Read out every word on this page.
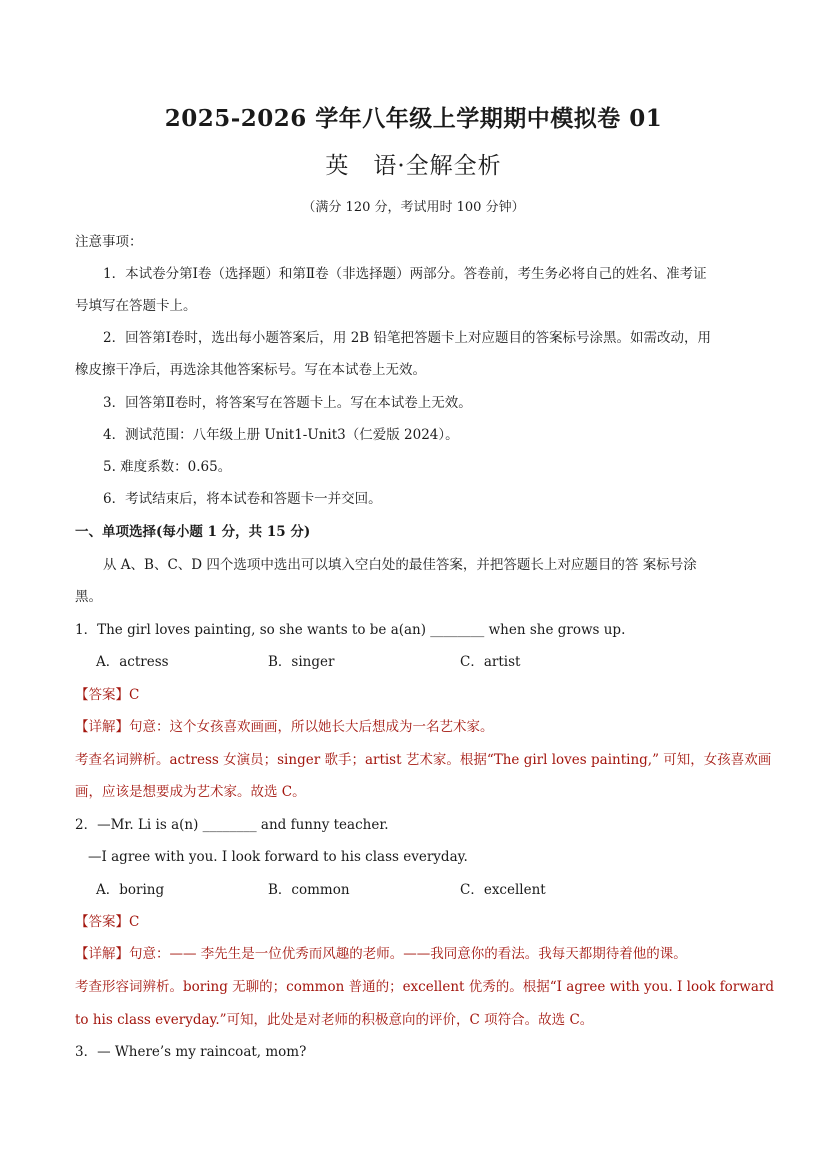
2025-2026 学年八年级上学期期中模拟卷 01
英　语·全解全析
（满分 120 分，考试用时 100 分钟）
注意事项：
1．本试卷分第Ⅰ卷（选择题）和第Ⅱ卷（非选择题）两部分。答卷前，考生务必将自己的姓名、准考证
号填写在答题卡上。
2．回答第Ⅰ卷时，选出每小题答案后，用 2B 铅笔把答题卡上对应题目的答案标号涂黑。如需改动，用
橡皮擦干净后，再选涂其他答案标号。写在本试卷上无效。
3．回答第Ⅱ卷时，将答案写在答题卡上。写在本试卷上无效。
4．测试范围：八年级上册 Unit1-Unit3（仁爱版 2024）。
5. 难度系数：0.65。
6．考试结束后，将本试卷和答题卡一并交回。
一、单项选择(每小题 1 分，共 15 分)
从 A、B、C、D 四个选项中选出可以填入空白处的最佳答案，并把答题长上对应题目的答 案标号涂
黑。
1．The girl loves painting, so she wants to be a(an) ________ when she grows up.
A．actress	B．singer	C．artist
【答案】C
【详解】句意：这个女孩喜欢画画，所以她长大后想成为一名艺术家。
考查名词辨析。actress 女演员；singer 歌手；artist 艺术家。根据“The girl loves painting,” 可知，女孩喜欢画
画，应该是想要成为艺术家。故选 C。
2．—Mr. Li is a(n) ________ and funny teacher.
—I agree with you. I look forward to his class everyday.
A．boring	B．common	C．excellent
【答案】C
【详解】句意：—— 李先生是一位优秀而风趣的老师。——我同意你的看法。我每天都期待着他的课。
考查形容词辨析。boring 无聊的；common 普通的；excellent 优秀的。根据“I agree with you. I look forward
to his class everyday.”可知，此处是对老师的积极意向的评价，C 项符合。故选 C。
3．— Where’s my raincoat, mom?
